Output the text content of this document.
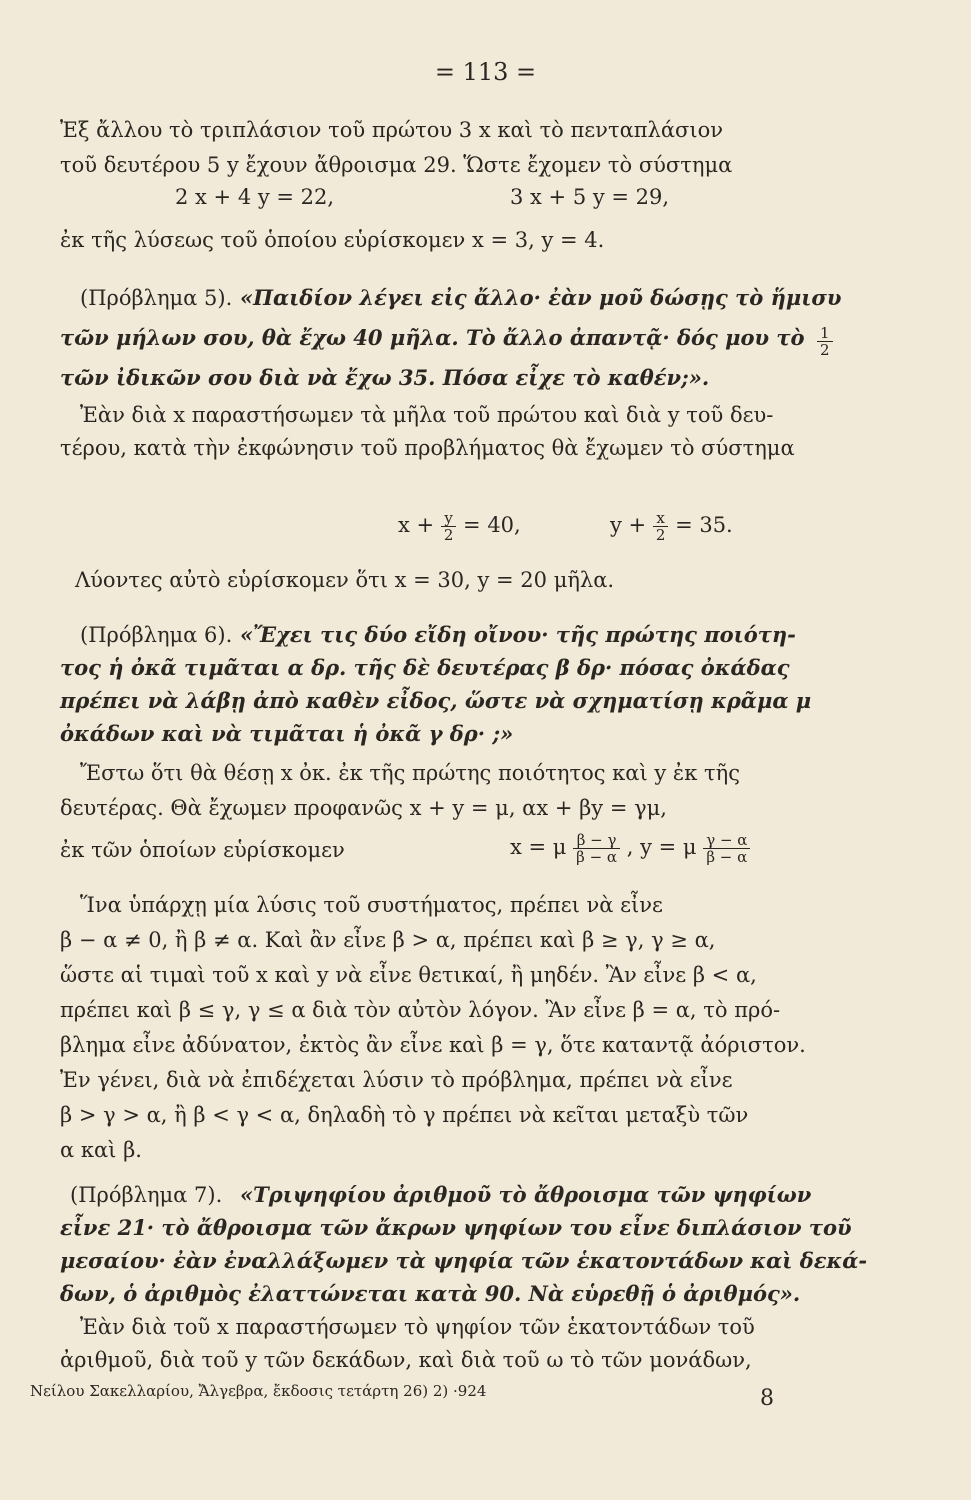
= 113 =
Ἐξ ἄλλου τὸ τριπλάσιον τοῦ πρώτου 3 x καὶ τὸ πενταπλάσιον
τοῦ δευτέρου 5 y ἔχουν ἄθροισμα 29. Ὥστε ἔχομεν τὸ σύστημα
2 x + 4 y = 22,	3 x + 5 y = 29,
ἐκ τῆς λύσεως τοῦ ὁποίου εὑρίσκομεν x = 3, y = 4.
(Πρόβλημα 5). «Παιδίον λέγει εἰς ἄλλο· ἐὰν μοῦ δώσῃς τὸ ἥμισυ
τῶν μήλων σου, θὰ ἔχω 40 μῆλα. Τὸ ἄλλο ἀπαντᾷ· δός μου τὸ $\frac{1}{2}$
τῶν ἰδικῶν σου διὰ νὰ ἔχω 35. Πόσα εἶχε τὸ καθέν;».
Ἐὰν διὰ x παραστήσωμεν τὰ μῆλα τοῦ πρώτου καὶ διὰ y τοῦ δευ-
τέρου, κατὰ τὴν ἐκφώνησιν τοῦ προβλήματος θὰ ἔχωμεν τὸ σύστημα
$x + \frac{y}{2} = 40$,	$y + \frac{x}{2} = 35$.
Λύοντες αὐτὸ εὑρίσκομεν ὅτι x = 30, y = 20 μῆλα.
(Πρόβλημα 6). «Ἔχει τις δύο εἴδη οἴνου· τῆς πρώτης ποιότη-
τος ἡ ὀκᾶ τιμᾶται α δρ. τῆς δὲ δευτέρας β δρ· πόσας ὀκάδας
πρέπει νὰ λάβῃ ἀπὸ καθὲν εἶδος, ὥστε νὰ σχηματίσῃ κρᾶμα μ
ὀκάδων καὶ νὰ τιμᾶται ἡ ὀκᾶ γ δρ· ;»
Ἔστω ὅτι θὰ θέσῃ x ὀκ. ἐκ τῆς πρώτης ποιότητος καὶ y ἐκ τῆς
δευτέρας. Θὰ ἔχωμεν προφανῶς x + y = μ, αx + βy = γμ,
ἐκ τῶν ὁποίων εὑρίσκομεν	x = μ $\frac{\beta - \gamma}{\beta - \alpha}$ , y = μ $\frac{\gamma - \alpha}{\beta - \alpha}$
Ἵνα ὑπάρχῃ μία λύσις τοῦ συστήματος, πρέπει νὰ εἶνε
β − α ≠ 0, ἢ β ≠ α. Καὶ ἂν εἶνε β > α, πρέπει καὶ β ≥ γ, γ ≥ α,
ὥστε αἱ τιμαὶ τοῦ x καὶ y νὰ εἶνε θετικαί, ἢ μηδέν. Ἂν εἶνε β < α,
πρέπει καὶ β ≤ γ, γ ≤ α διὰ τὸν αὐτὸν λόγον. Ἂν εἶνε β = α, τὸ πρό-
βλημα εἶνε ἀδύνατον, ἐκτὸς ἂν εἶνε καὶ β = γ, ὅτε καταντᾷ ἀόριστον.
Ἐν γένει, διὰ νὰ ἐπιδέχεται λύσιν τὸ πρόβλημα, πρέπει νὰ εἶνε
β > γ > α, ἢ β < γ < α, δηλαδὴ τὸ γ πρέπει νὰ κεῖται μεταξὺ τῶν
α καὶ β.
(Πρόβλημα 7). «Τριψηφίου ἀριθμοῦ τὸ ἄθροισμα τῶν ψηφίων
εἶνε 21· τὸ ἄθροισμα τῶν ἄκρων ψηφίων του εἶνε διπλάσιον τοῦ
μεσαίου· ἐὰν ἐναλλάξωμεν τὰ ψηφία τῶν ἑκατοντάδων καὶ δεκά-
δων, ὁ ἀριθμὸς ἐλαττώνεται κατὰ 90. Νὰ εὑρεθῇ ὁ ἀριθμός».
Ἐὰν διὰ τοῦ x παραστήσωμεν τὸ ψηφίον τῶν ἑκατοντάδων τοῦ
ἀριθμοῦ, διὰ τοῦ y τῶν δεκάδων, καὶ διὰ τοῦ ω τὸ τῶν μονάδων,
Νείλου Σακελλαρίου, Ἄλγεβρα, ἔκδοσις τετάρτη 26) 2) ·924	8
